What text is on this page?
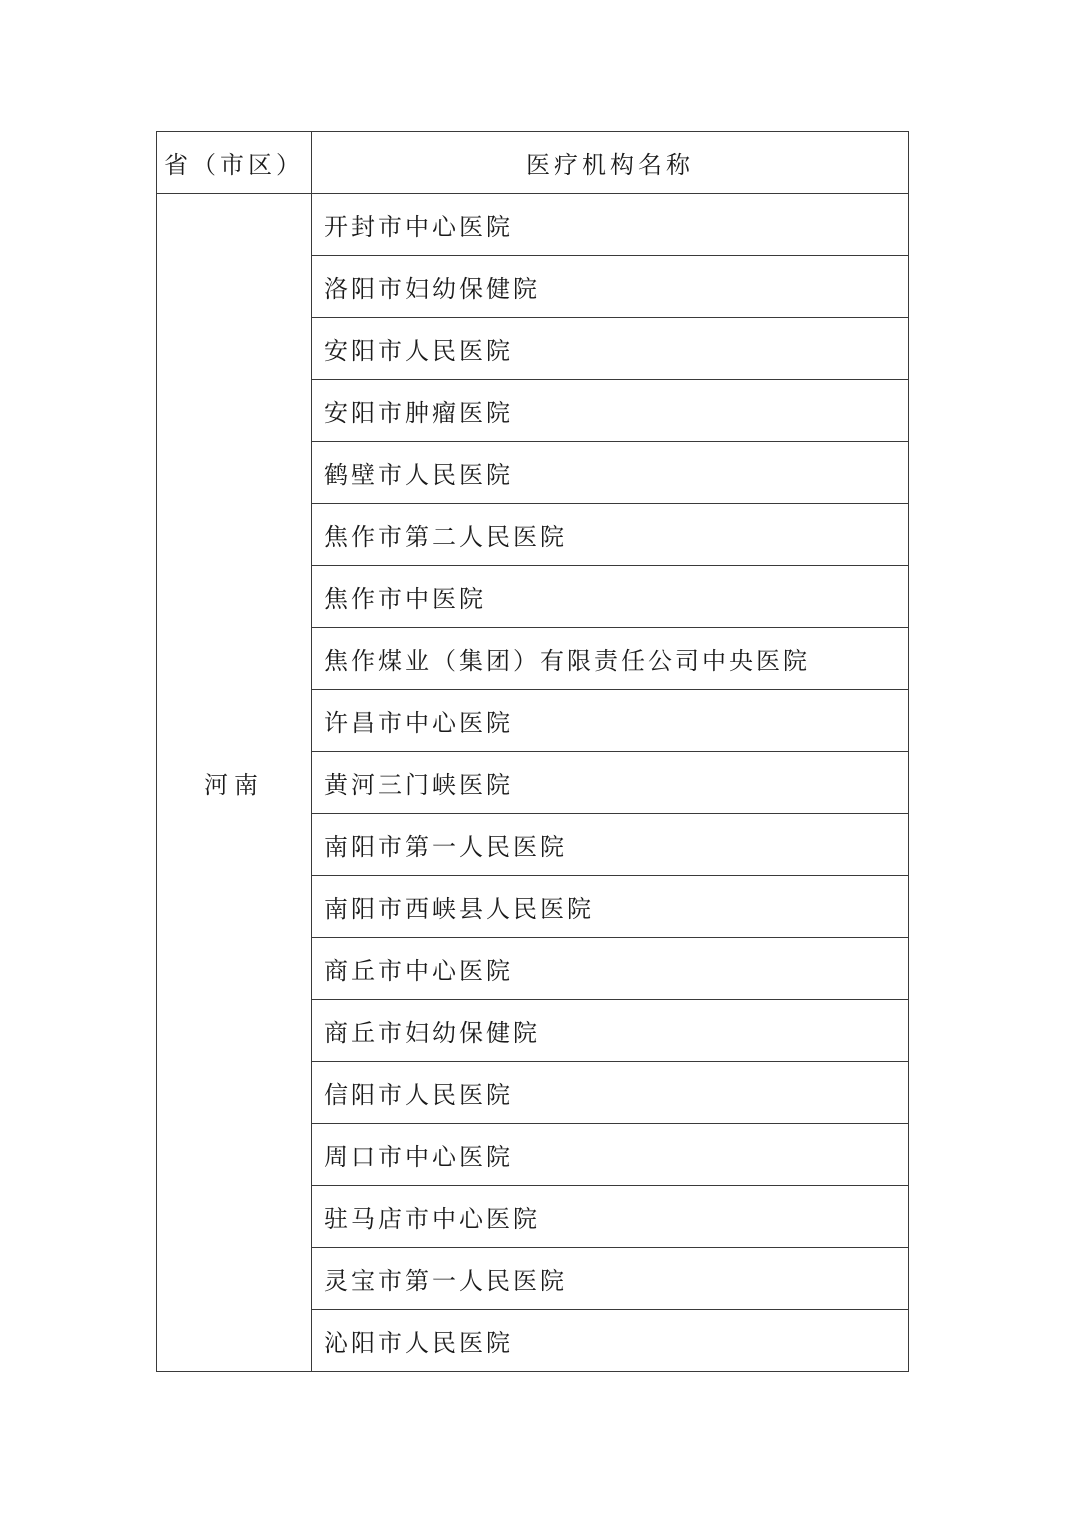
省（市区）	医疗机构名称
河南	开封市中心医院
	洛阳市妇幼保健院
	安阳市人民医院
	安阳市肿瘤医院
	鹤壁市人民医院
	焦作市第二人民医院
	焦作市中医院
	焦作煤业（集团）有限责任公司中央医院
	许昌市中心医院
	黄河三门峡医院
	南阳市第一人民医院
	南阳市西峡县人民医院
	商丘市中心医院
	商丘市妇幼保健院
	信阳市人民医院
	周口市中心医院
	驻马店市中心医院
	灵宝市第一人民医院
	沁阳市人民医院
